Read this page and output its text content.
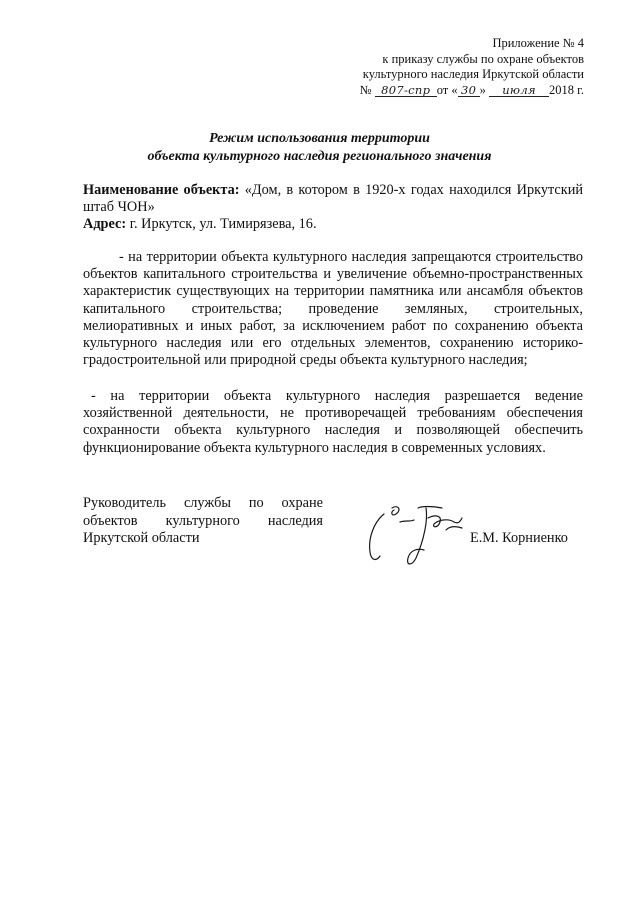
Приложение № 4
к приказу службы по охране объектов
культурного наследия Иркутской области
№ 807-спр от « 30 » июля 2018 г.
Режим использования территории
объекта культурного наследия регионального значения
Наименование объекта: «Дом, в котором в 1920-х годах находился Иркутский штаб ЧОН»
Адрес: г. Иркутск, ул. Тимирязева, 16.
- на территории объекта культурного наследия запрещаются строительство объектов капитального строительства и увеличение объемно-пространственных характеристик существующих на территории памятника или ансамбля объектов капитального строительства; проведение земляных, строительных, мелиоративных и иных работ, за исключением работ по сохранению объекта культурного наследия или его отдельных элементов, сохранению историко-градостроительной или природной среды объекта культурного наследия;
- на территории объекта культурного наследия разрешается ведение хозяйственной деятельности, не противоречащей требованиям обеспечения сохранности объекта культурного наследия и позволяющей обеспечить функционирование объекта культурного наследия в современных условиях.
Руководитель службы по охране
объектов культурного наследия
Иркутской области	Е.М. Корниенко
